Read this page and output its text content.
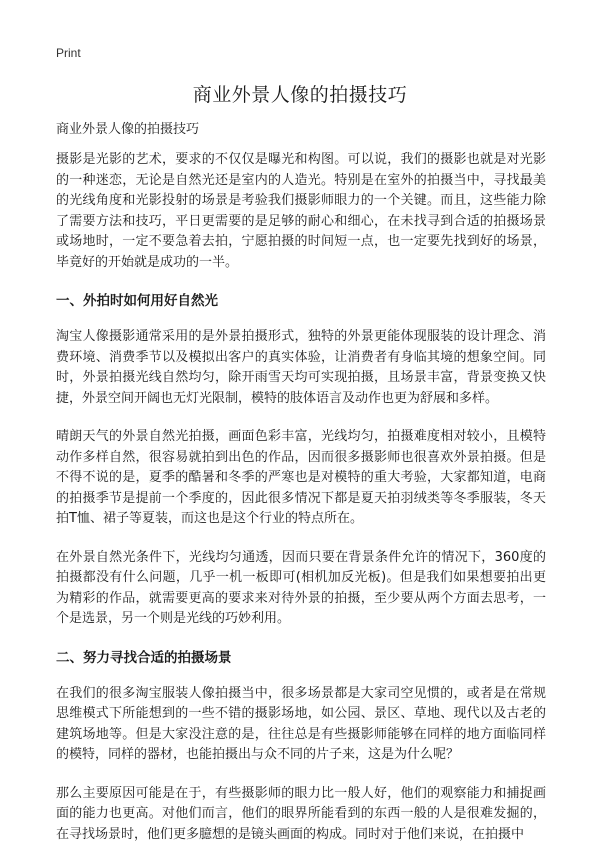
Print
商业外景人像的拍摄技巧

商业外景人像的拍摄技巧

摄影是光影的艺术，要求的不仅仅是曝光和构图。可以说，我们的摄影也就是对光影的一种迷恋，无论是自然光还是室内的人造光。特别是在室外的拍摄当中，寻找最美的光线角度和光影投射的场景是考验我们摄影师眼力的一个关键。而且，这些能力除了需要方法和技巧，平日更需要的是足够的耐心和细心，在未找寻到合适的拍摄场景或场地时，一定不要急着去拍，宁愿拍摄的时间短一点，也一定要先找到好的场景，毕竟好的开始就是成功的一半。

一、外拍时如何用好自然光

淘宝人像摄影通常采用的是外景拍摄形式，独特的外景更能体现服装的设计理念、消费环境、消费季节以及模拟出客户的真实体验，让消费者有身临其境的想象空间。同时，外景拍摄光线自然均匀，除开雨雪天均可实现拍摄，且场景丰富，背景变换又快捷，外景空间开阔也无灯光限制，模特的肢体语言及动作也更为舒展和多样。

晴朗天气的外景自然光拍摄，画面色彩丰富，光线均匀，拍摄难度相对较小，且模特动作多样自然，很容易就拍到出色的作品，因而很多摄影师也很喜欢外景拍摄。但是不得不说的是，夏季的酷暑和冬季的严寒也是对模特的重大考验，大家都知道，电商的拍摄季节是提前一个季度的，因此很多情况下都是夏天拍羽绒类等冬季服装，冬天拍T恤、裙子等夏装，而这也是这个行业的特点所在。

在外景自然光条件下，光线均匀通透，因而只要在背景条件允许的情况下，360度的拍摄都没有什么问题，几乎一机一板即可(相机加反光板)。但是我们如果想要拍出更为精彩的作品，就需要更高的要求来对待外景的拍摄，至少要从两个方面去思考，一个是选景，另一个则是光线的巧妙利用。

二、努力寻找合适的拍摄场景

在我们的很多淘宝服装人像拍摄当中，很多场景都是大家司空见惯的，或者是在常规思维模式下所能想到的一些不错的摄影场地，如公园、景区、草地、现代以及古老的建筑场地等。但是大家没注意的是，往往总是有些摄影师能够在同样的地方面临同样的模特，同样的器材，也能拍摄出与众不同的片子来，这是为什么呢？

那么主要原因可能是在于，有些摄影师的眼力比一般人好，他们的观察能力和捕捉画面的能力也更高。对他们而言，他们的眼界所能看到的东西一般的人是很难发掘的，在寻找场景时，他们更多臆想的是镜头画面的构成。同时对于他们来说，在拍摄中
